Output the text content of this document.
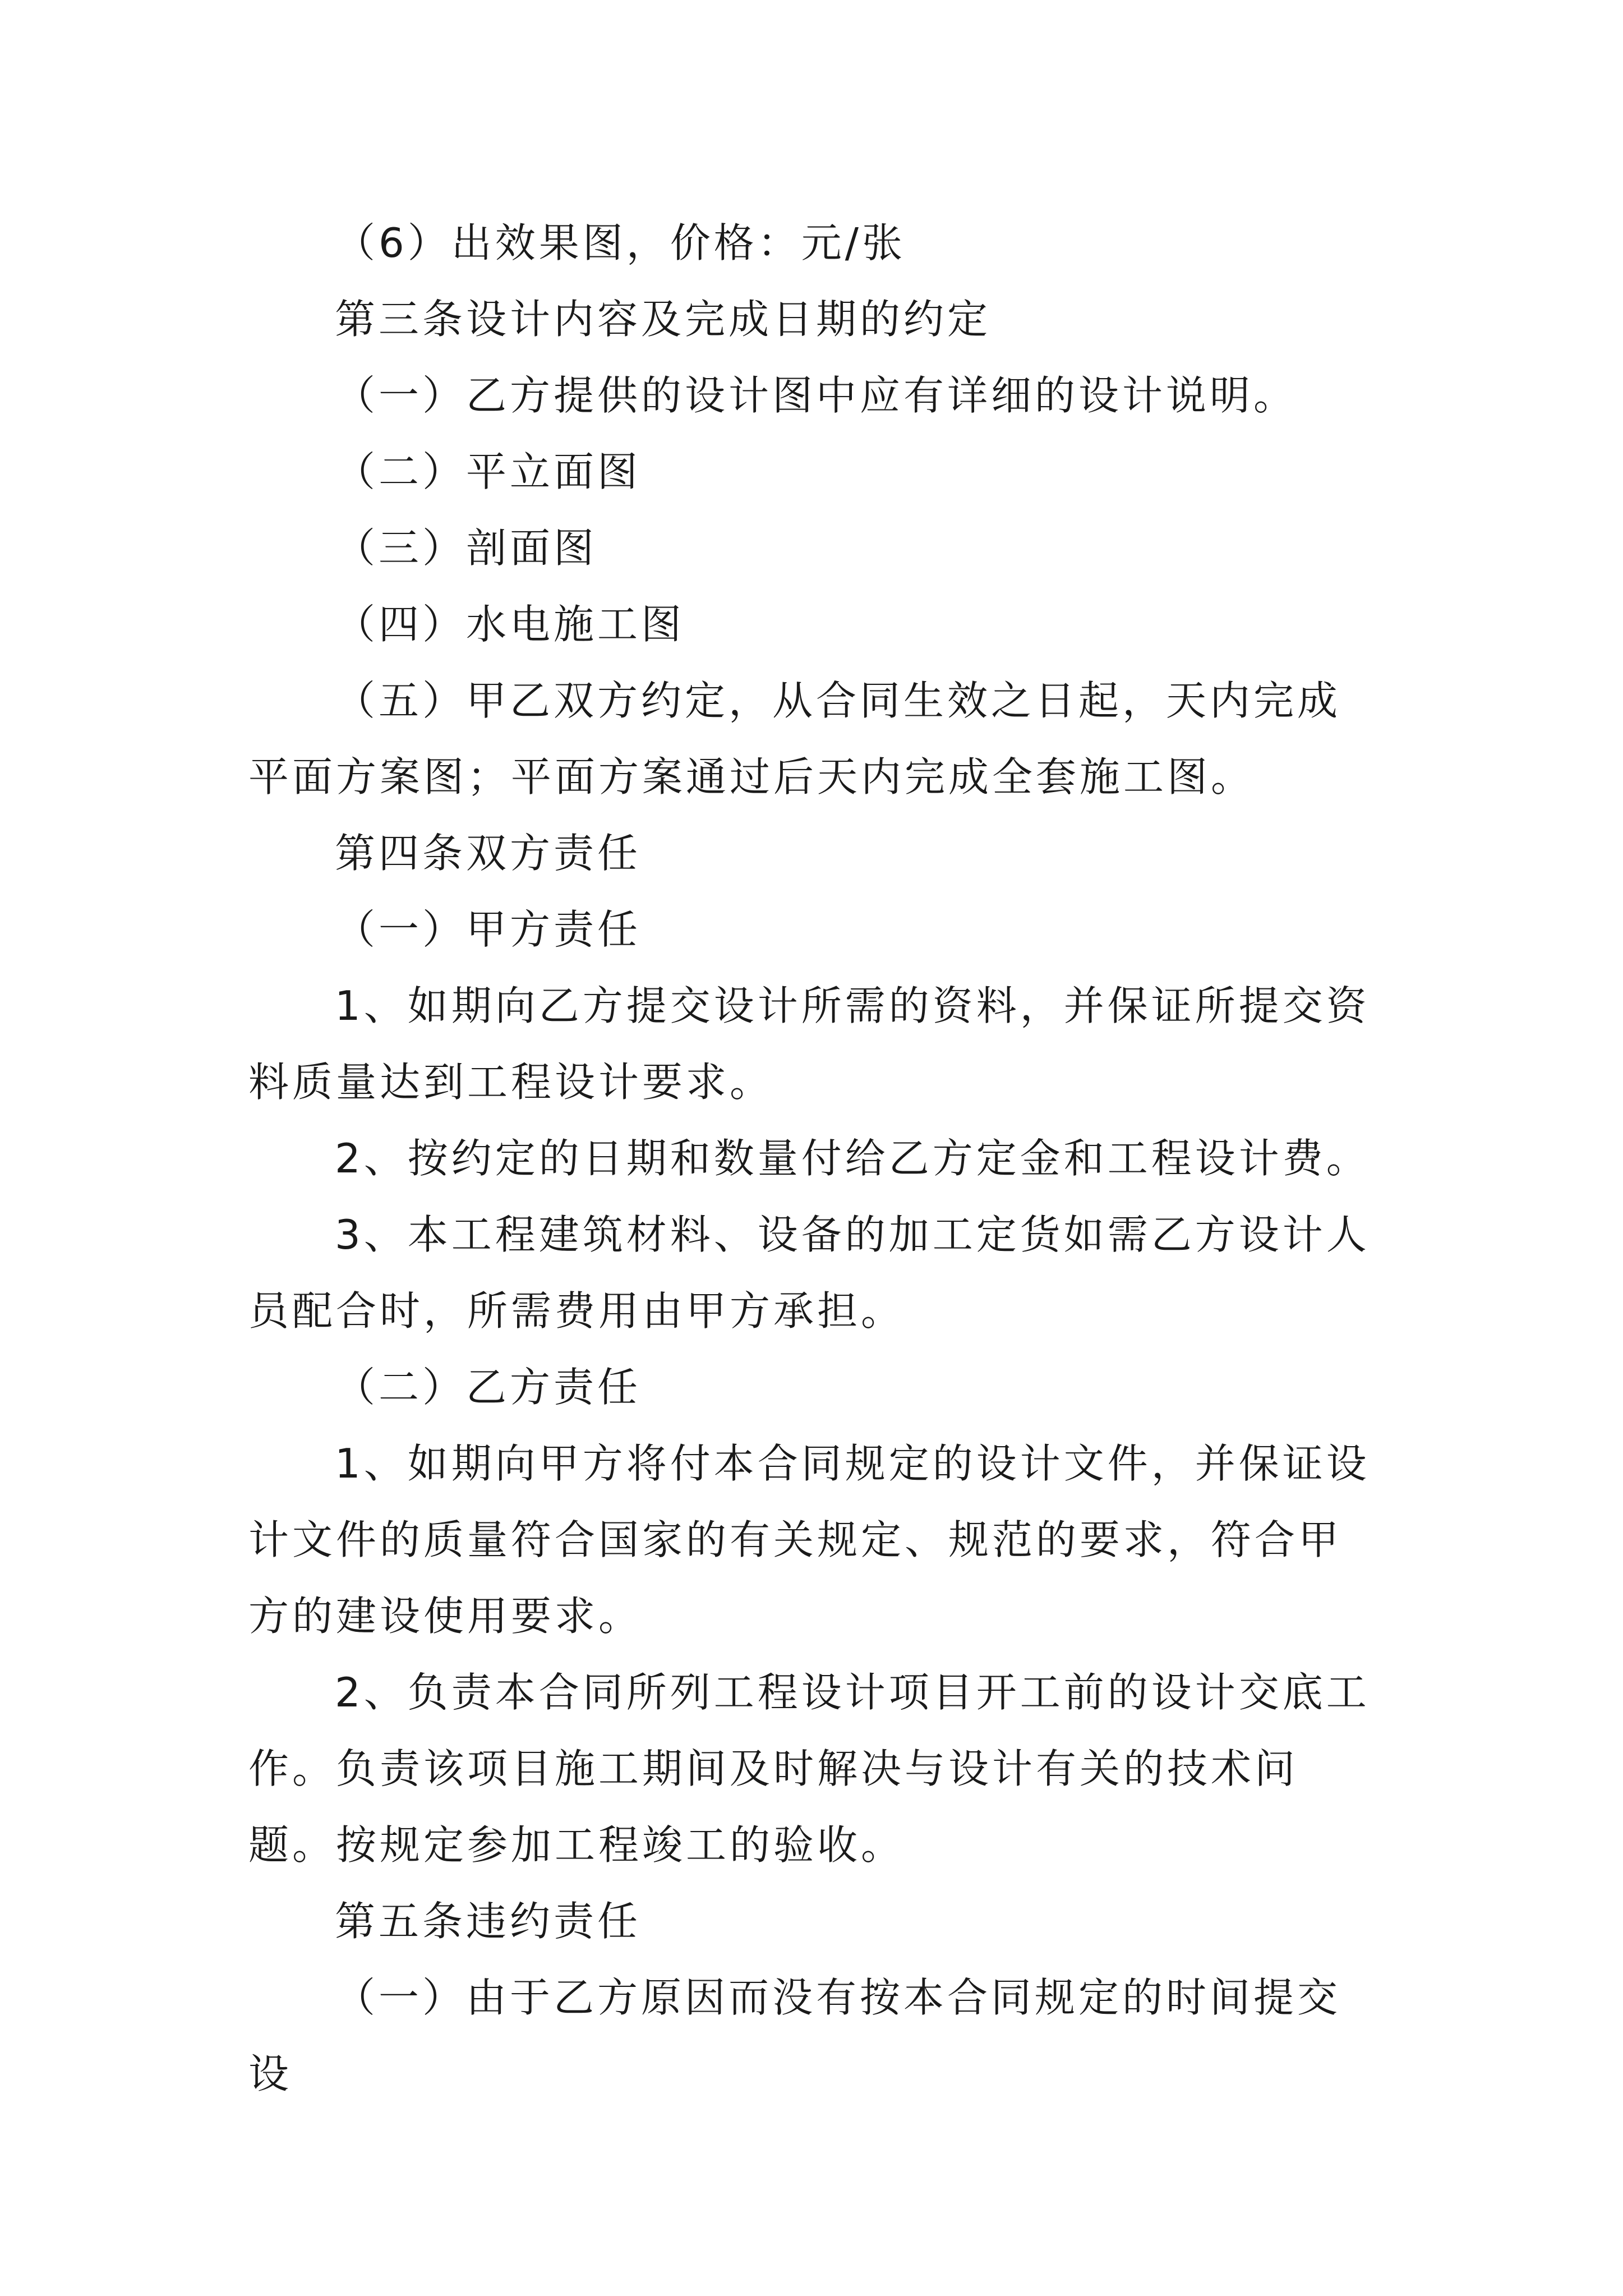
（6）出效果图，价格：元/张

第三条设计内容及完成日期的约定

（一）乙方提供的设计图中应有详细的设计说明。

（二）平立面图

（三）剖面图

（四）水电施工图

（五）甲乙双方约定，从合同生效之日起，天内完成平面方案图；平面方案通过后天内完成全套施工图。

第四条双方责任

（一）甲方责任

1、如期向乙方提交设计所需的资料，并保证所提交资料质量达到工程设计要求。

2、按约定的日期和数量付给乙方定金和工程设计费。

3、本工程建筑材料、设备的加工定货如需乙方设计人员配合时，所需费用由甲方承担。

（二）乙方责任

1、如期向甲方将付本合同规定的设计文件，并保证设计文件的质量符合国家的有关规定、规范的要求，符合甲方的建设使用要求。

2、负责本合同所列工程设计项目开工前的设计交底工作。负责该项目施工期间及时解决与设计有关的技术问题。按规定参加工程竣工的验收。

第五条违约责任

（一）由于乙方原因而没有按本合同规定的时间提交设
